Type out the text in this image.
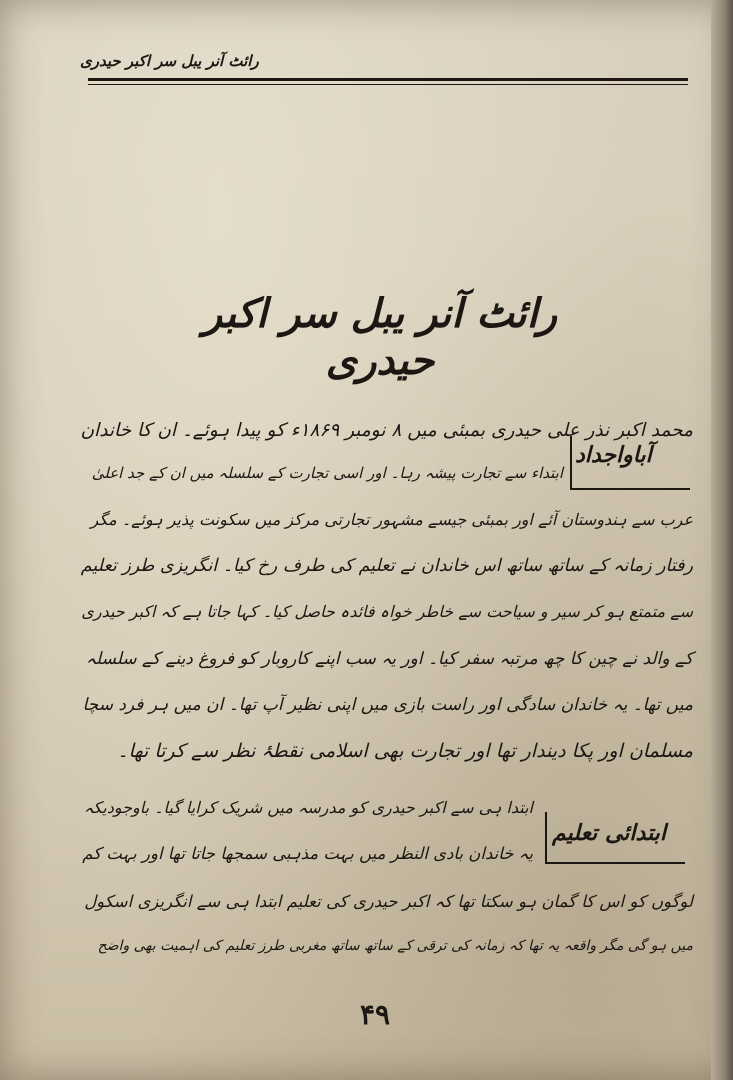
رائٹ آنر یبل سر اکبر حیدری
رائٹ آنر یبل سر اکبر حیدری
آباواجداد
محمد اکبر نذر علی حیدری بمبئی میں ۸ نومبر ۱۸۶۹ء کو پیدا ہوئے۔ ان کا خاندان
ابتداء سے تجارت پیشہ رہا۔ اور اسی تجارت کے سلسلہ میں ان کے جد اعلیٰ
عرب سے ہندوستان آئے اور بمبئی جیسے مشہور تجارتی مرکز میں سکونت پذیر ہوئے۔ مگر
رفتار زمانہ کے ساتھ ساتھ اس خاندان نے تعلیم کی طرف رخ کیا۔ انگریزی طرز تعلیم
سے متمتع ہو کر سیر و سیاحت سے خاطر خواہ فائدہ حاصل کیا۔ کہا جاتا ہے کہ اکبر حیدری
کے والد نے چین کا چھ مرتبہ سفر کیا۔ اور یہ سب اپنے کاروبار کو فروغ دینے کے سلسلہ
میں تھا۔ یہ خاندان سادگی اور راست بازی میں اپنی نظیر آپ تھا۔ ان میں ہر فرد سچا
مسلمان اور پکا دیندار تھا اور تجارت بھی اسلامی نقطۂ نظر سے کرتا تھا۔
ابتدائی تعلیم
ابتدا ہی سے اکبر حیدری کو مدرسہ میں شریک کرایا گیا۔ باوجودیکہ
یہ خاندان بادی النظر میں بہت مذہبی سمجھا جاتا تھا اور بہت کم
لوگوں کو اس کا گمان ہو سکتا تھا کہ اکبر حیدری کی تعلیم ابتدا ہی سے انگریزی اسکول
میں ہو گی مگر واقعہ یہ تھا کہ زمانہ کی ترقی کے ساتھ ساتھ مغربی طرز تعلیم کی اہمیت بھی واضح
۴۹
